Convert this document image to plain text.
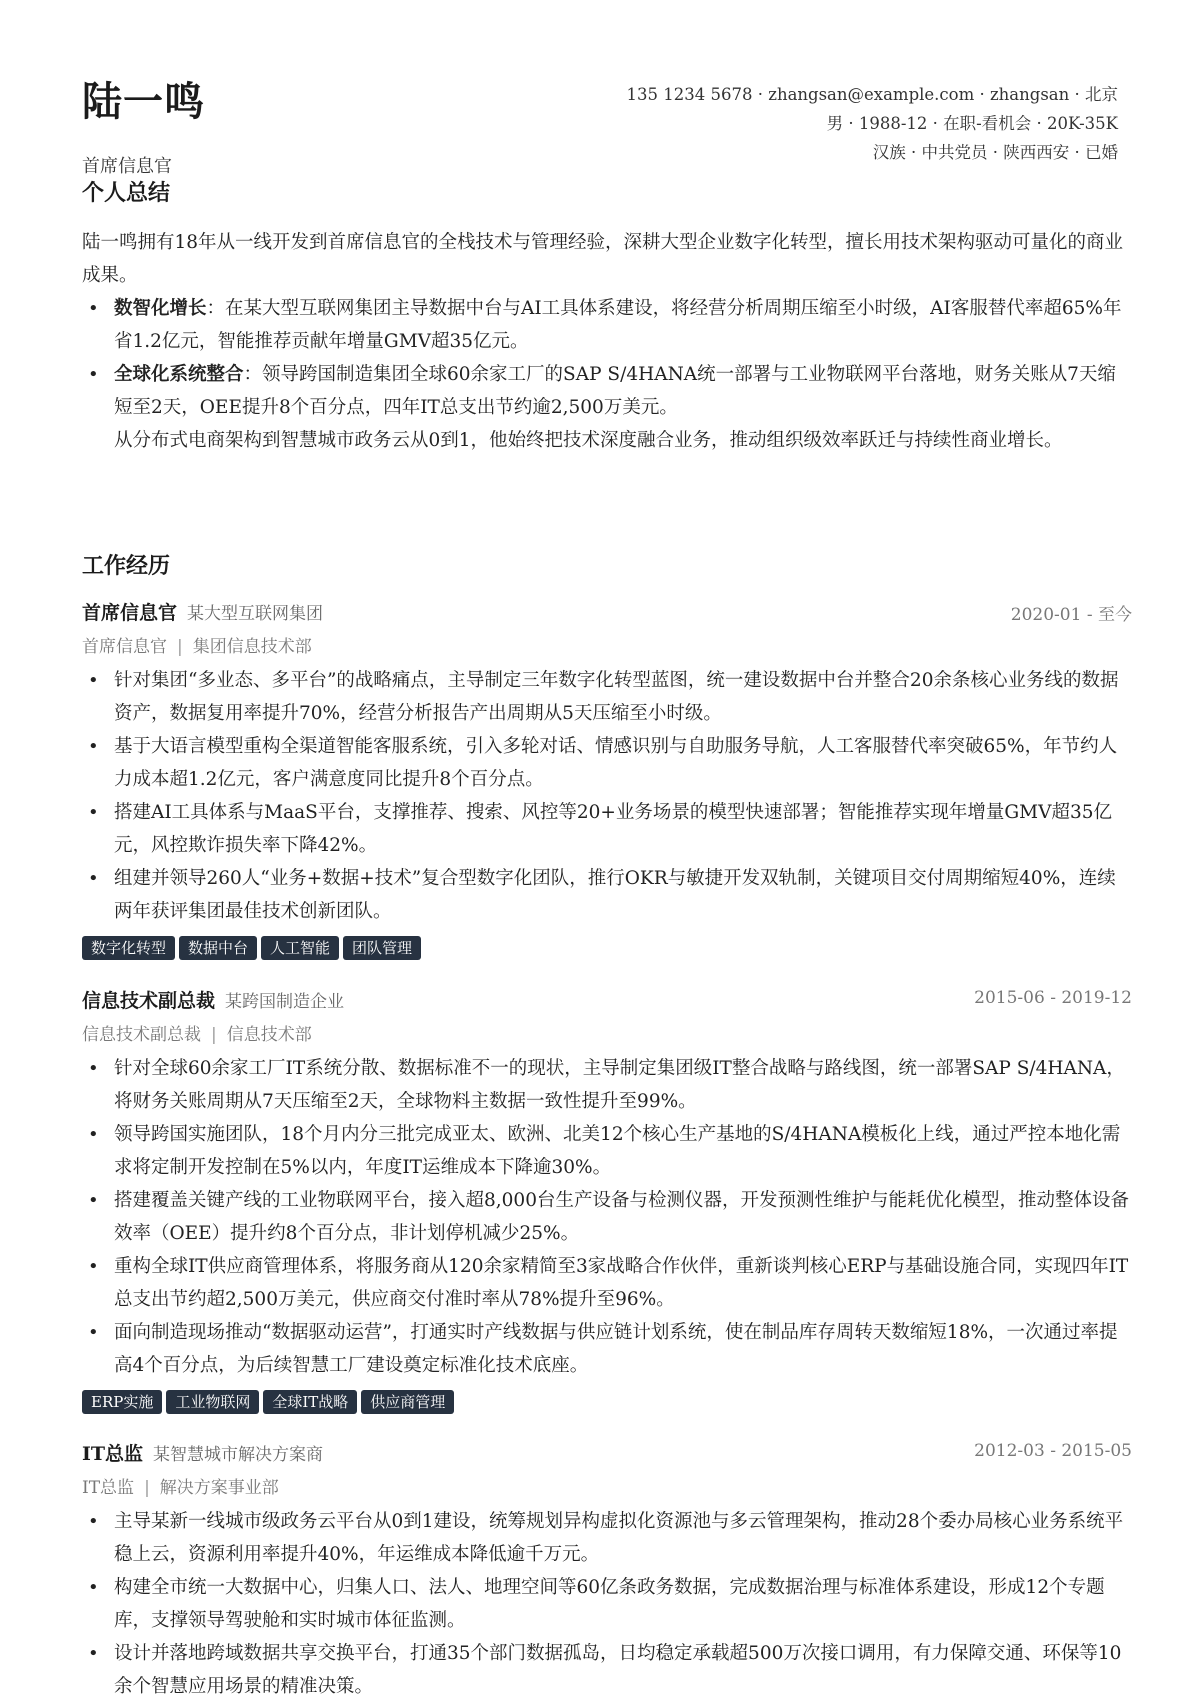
陆一鸣
首席信息官
135 1234 5678 · zhangsan@example.com · zhangsan · 北京
男 · 1988-12 · 在职-看机会 · 20K-35K
汉族 · 中共党员 · 陕西西安 · 已婚
个人总结

陆一鸣拥有18年从一线开发到首席信息官的全栈技术与管理经验，深耕大型企业数字化转型，擅长用技术架构驱动可量化的商业成果。

• 数智化增长：在某大型互联网集团主导数据中台与AI工具体系建设，将经营分析周期压缩至小时级，AI客服替代率超65%年省1.2亿元，智能推荐贡献年增量GMV超35亿元。
• 全球化系统整合：领导跨国制造集团全球60余家工厂的SAP S/4HANA统一部署与工业物联网平台落地，财务关账从7天缩短至2天，OEE提升8个百分点，四年IT总支出节约逾2,500万美元。

从分布式电商架构到智慧城市政务云从0到1，他始终把技术深度融合业务，推动组织级效率跃迁与持续性商业增长。

工作经历
首席信息官 某大型互联网集团	2020-01 - 至今
首席信息官 | 集团信息技术部
• 针对集团“多业态、多平台”的战略痛点，主导制定三年数字化转型蓝图，统一建设数据中台并整合20余条核心业务线的数据资产，数据复用率提升70%，经营分析报告产出周期从5天压缩至小时级。
• 基于大语言模型重构全渠道智能客服系统，引入多轮对话、情感识别与自助服务导航，人工客服替代率突破65%，年节约人力成本超1.2亿元，客户满意度同比提升8个百分点。
• 搭建AI工具体系与MaaS平台，支撑推荐、搜索、风控等20+业务场景的模型快速部署；智能推荐实现年增量GMV超35亿元，风控欺诈损失率下降42%。
• 组建并领导260人“业务+数据+技术”复合型数字化团队，推行OKR与敏捷开发双轨制，关键项目交付周期缩短40%，连续两年获评集团最佳技术创新团队。
数字化转型 数据中台 人工智能 团队管理
信息技术副总裁 某跨国制造企业	2015-06 - 2019-12
信息技术副总裁 | 信息技术部
• 针对全球60余家工厂IT系统分散、数据标准不一的现状，主导制定集团级IT整合战略与路线图，统一部署SAP S/4HANA，将财务关账周期从7天压缩至2天，全球物料主数据一致性提升至99%。
• 领导跨国实施团队，18个月内分三批完成亚太、欧洲、北美12个核心生产基地的S/4HANA模板化上线，通过严控本地化需求将定制开发控制在5%以内，年度IT运维成本下降逾30%。
• 搭建覆盖关键产线的工业物联网平台，接入超8,000台生产设备与检测仪器，开发预测性维护与能耗优化模型，推动整体设备效率（OEE）提升约8个百分点，非计划停机减少25%。
• 重构全球IT供应商管理体系，将服务商从120余家精简至3家战略合作伙伴，重新谈判核心ERP与基础设施合同，实现四年IT总支出节约超2,500万美元，供应商交付准时率从78%提升至96%。
• 面向制造现场推动“数据驱动运营”，打通实时产线数据与供应链计划系统，使在制品库存周转天数缩短18%，一次通过率提高4个百分点，为后续智慧工厂建设奠定标准化技术底座。
ERP实施 工业物联网 全球IT战略 供应商管理
IT总监 某智慧城市解决方案商	2012-03 - 2015-05
IT总监 | 解决方案事业部
• 主导某新一线城市级政务云平台从0到1建设，统筹规划异构虚拟化资源池与多云管理架构，推动28个委办局核心业务系统平稳上云，资源利用率提升40%，年运维成本降低逾千万元。
• 构建全市统一大数据中心，归集人口、法人、地理空间等60亿条政务数据，完成数据治理与标准体系建设，形成12个专题库，支撑领导驾驶舱和实时城市体征监测。
• 设计并落地跨域数据共享交换平台，打通35个部门数据孤岛，日均稳定承载超500万次接口调用，有力保障交通、环保等10余个智慧应用场景的精准决策。
